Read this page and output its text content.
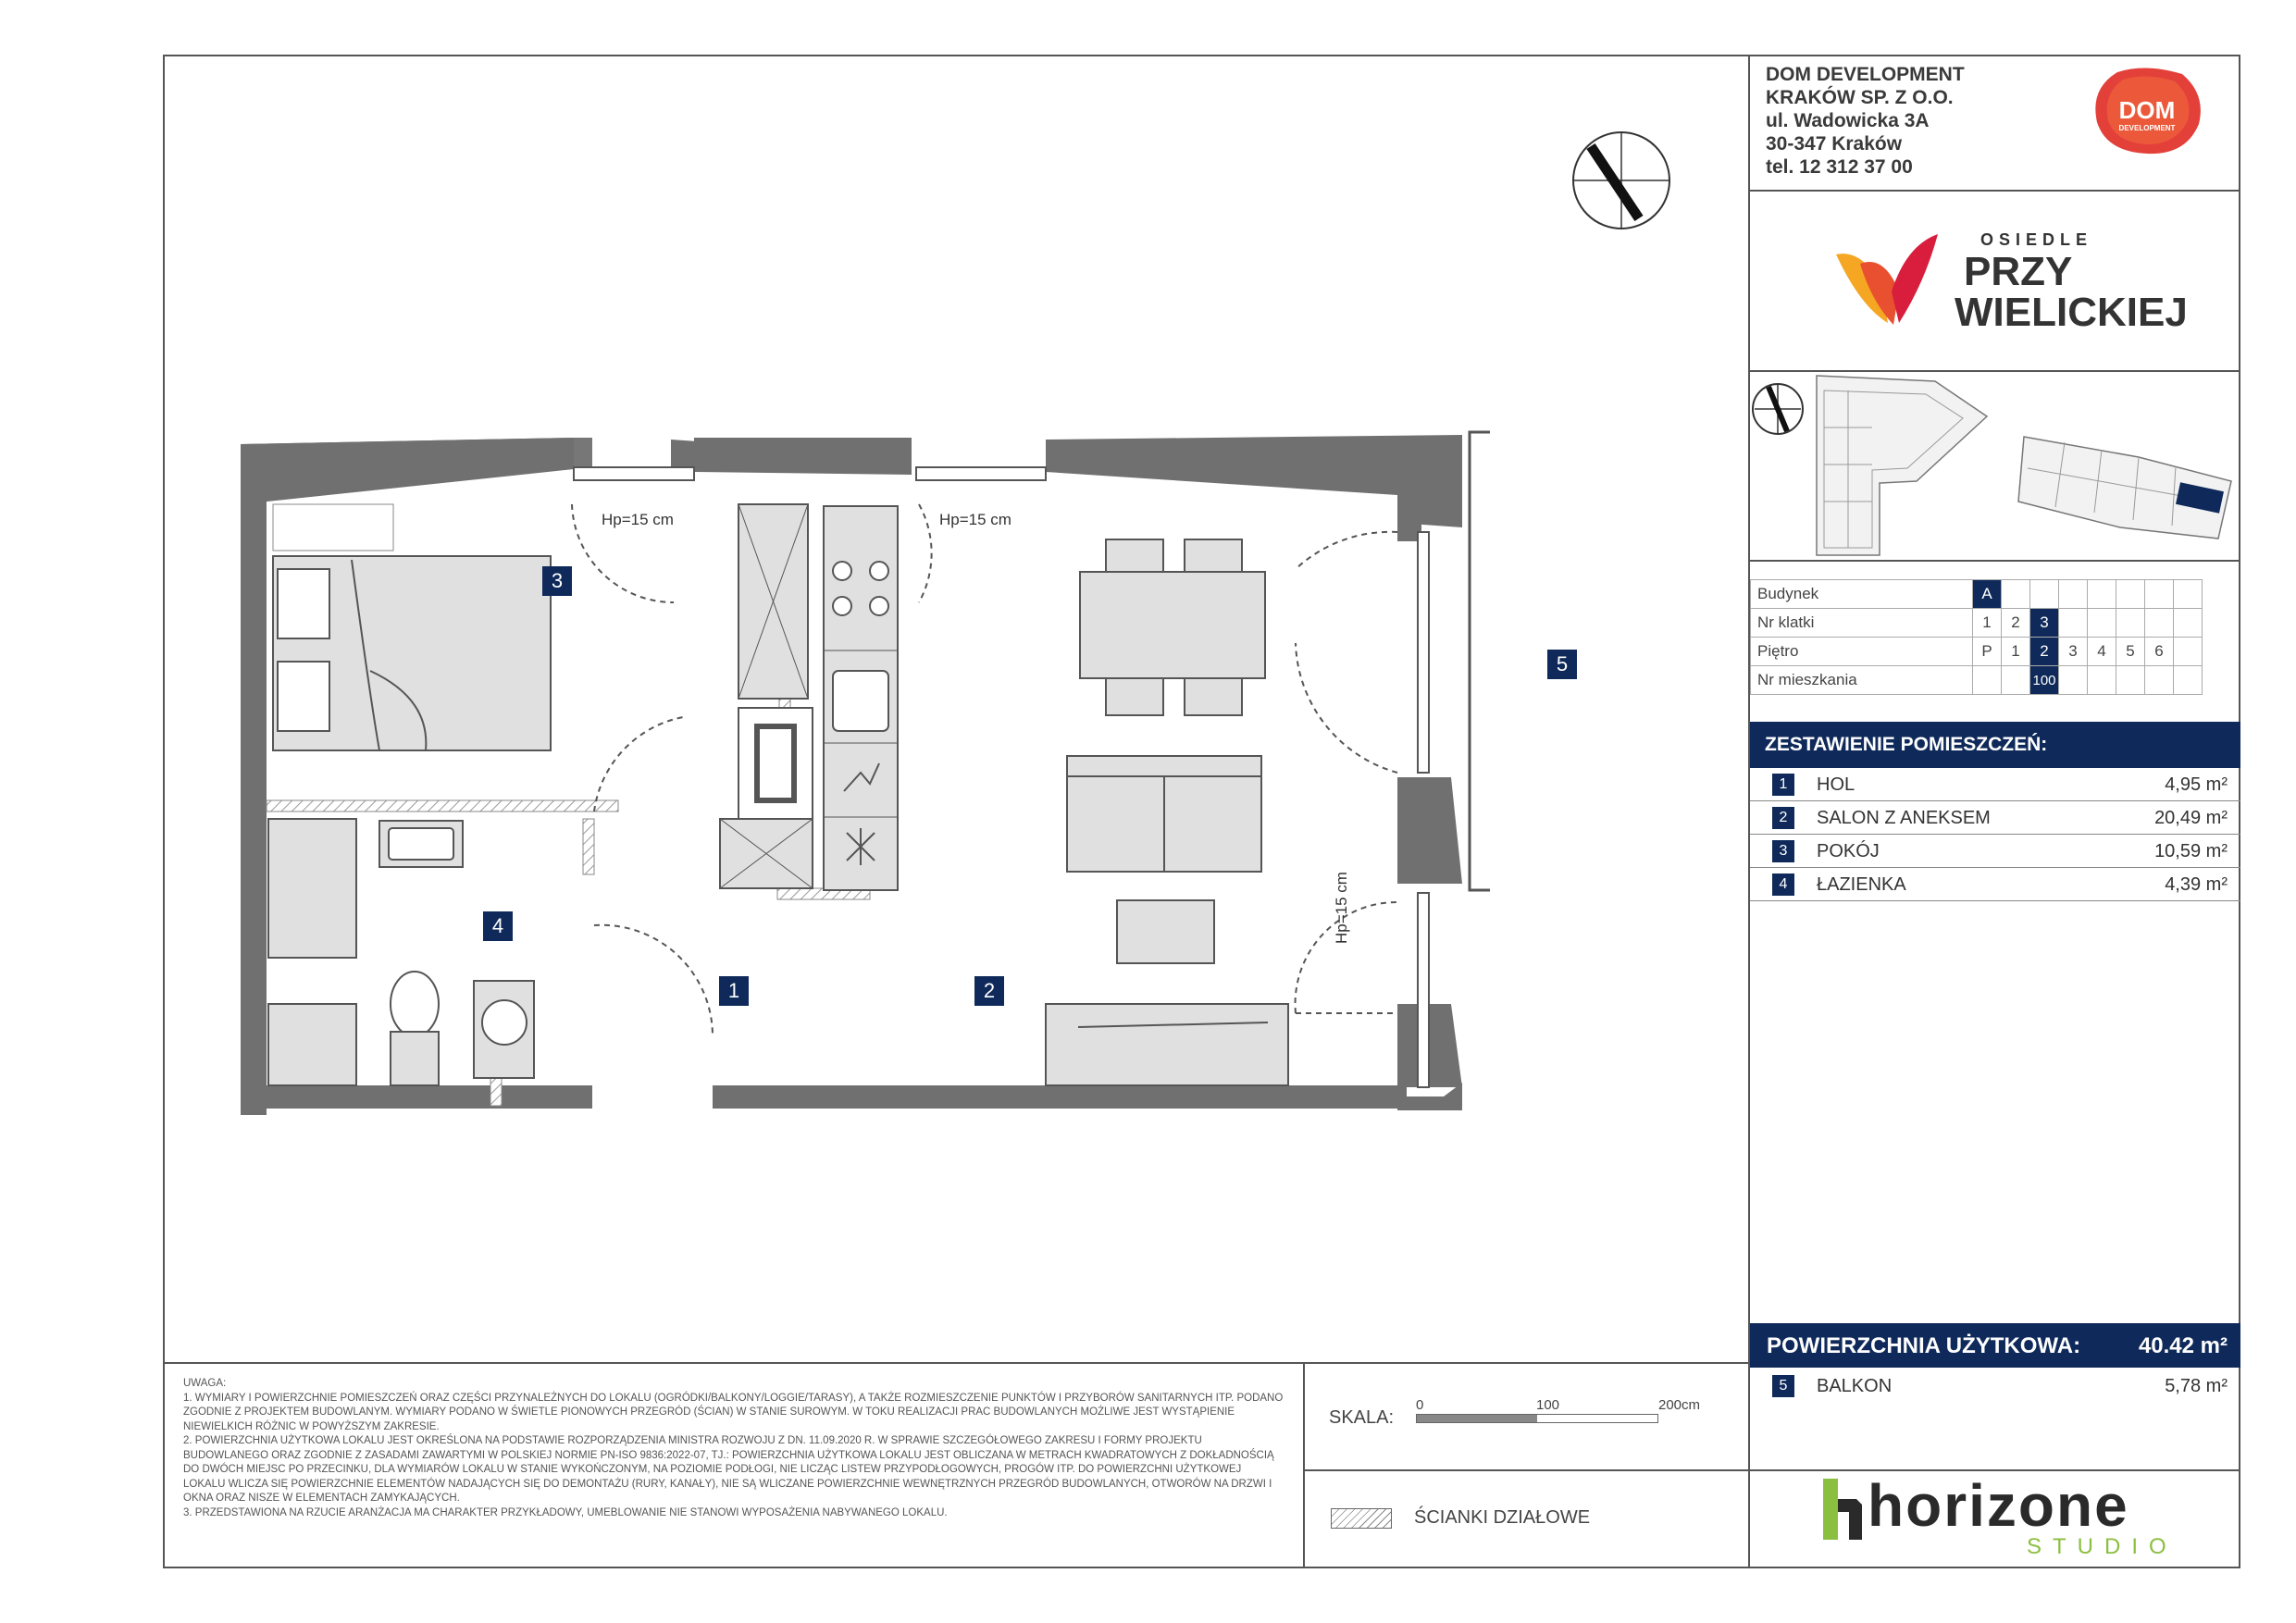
DOM DEVELOPMENT
KRAKÓW SP. Z O.O.
ul. Wadowicka 3A
30-347 Kraków
tel. 12 312 37 00
DOM
DEVELOPMENT
OSIEDLE
PRZY
WIELICKIEJ
Budynek	A							
Nr klatki	1	2	3					
Piętro	P	1	2	3	4	5	6	
Nr mieszkania			100					
ZESTAWIENIE POMIESZCZEŃ:
1	HOL	4,95 m²
2	SALON Z ANEKSEM	20,49 m²
3	POKÓJ	10,59 m²
4	ŁAZIENKA	4,39 m²
POWIERZCHNIA UŻYTKOWA:	40.42 m²
5	BALKON	5,78 m²
horizone
STUDIO

UWAGA:

1. WYMIARY I POWIERZCHNIE POMIESZCZEŃ ORAZ CZĘŚCI PRZYNALEŻNYCH DO LOKALU (OGRÓDKI/BALKONY/LOGGIE/TARASY), A TAKŻE ROZMIESZCZENIE PUNKTÓW I PRZYBORÓW SANITARNYCH ITP. PODANO ZGODNIE Z PROJEKTEM BUDOWLANYM. WYMIARY PODANO W ŚWIETLE PIONOWYCH PRZEGRÓD (ŚCIAN) W STANIE SUROWYM. W TOKU REALIZACJI PRAC BUDOWLANYCH MOŻLIWE JEST WYSTĄPIENIE NIEWIELKICH RÓŻNIC W POWYŻSZYM ZAKRESIE.

2. POWIERZCHNIA UŻYTKOWA LOKALU JEST OKREŚLONA NA PODSTAWIE ROZPORZĄDZENIA MINISTRA ROZWOJU Z DN. 11.09.2020 R. W SPRAWIE SZCZEGÓŁOWEGO ZAKRESU I FORMY PROJEKTU BUDOWLANEGO ORAZ ZGODNIE Z ZASADAMI ZAWARTYMI W POLSKIEJ NORMIE PN-ISO 9836:2022-07, TJ.: POWIERZCHNIA UŻYTKOWA LOKALU JEST OBLICZANA W METRACH KWADRATOWYCH Z DOKŁADNOŚCIĄ DO DWÓCH MIEJSC PO PRZECINKU, DLA WYMIARÓW LOKALU W STANIE WYKOŃCZONYM, NA POZIOMIE PODŁOGI, NIE LICZĄC LISTEW PRZYPODŁOGOWYCH, PROGÓW ITP. DO POWIERZCHNI UŻYTKOWEJ LOKALU WLICZA SIĘ POWIERZCHNIE ELEMENTÓW NADAJĄCYCH SIĘ DO DEMONTAŻU (RURY, KANAŁY), NIE SĄ WLICZANE POWIERZCHNIE WEWNĘTRZNYCH PRZEGRÓD BUDOWLANYCH, OTWORÓW NA DRZWI I OKNA ORAZ NISZE W ELEMENTACH ZAMYKAJĄCYCH.

3. PRZEDSTAWIONA NA RZUCIE ARANŻACJA MA CHARAKTER PRZYKŁADOWY, UMEBLOWANIE NIE STANOWI WYPOSAŻENIA NABYWANEGO LOKALU.

SKALA:
0	100	200cm
ŚCIANKI DZIAŁOWE
Hp=15 cm	Hp=15 cm
Hp=15 cm
1	2
3
4
5
